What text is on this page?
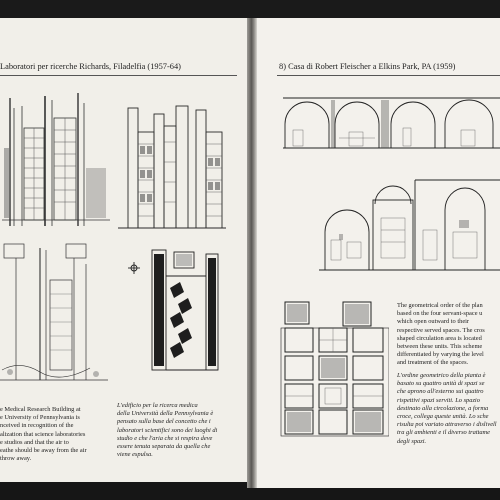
Laboratori per ricerche Richards, Filadelfia (1957-64)
e Medical Research Building at
e University of Pennsylvania is
nceived in recognition of the
alization that science laboratories
e studios and that the air to
eathe should be away from the air
throw away.
L'edificio per la ricerca medica
della Università della Pennsylvania è
pensato sulla base del concetto che i
laboratori scientifici sono dei luoghi di
studio e che l'aria che si respira deve
essere tenuta separata da quella che
viene espulsa.
8) Casa di Robert Fleischer a Elkins Park, PA (1959)
The geometrical order of the plan
based on the four servant-space u
which open outward to their
respective served spaces. The cros
shaped circulation area is located
between these units. This scheme
differentiated by varying the level
and treatment of the spaces.
L'ordine geometrico della pianta è
basato su quattro unità di spazi se
che aprono all'esterno sui quattro
rispettivi spazi serviti. Lo spazio
destinato alla circolazione, a forma
croce, collega queste unità. Lo sche
risulta poi variato attraverso i dislivell
tra gli ambienti e il diverso trattame
degli spazi.
